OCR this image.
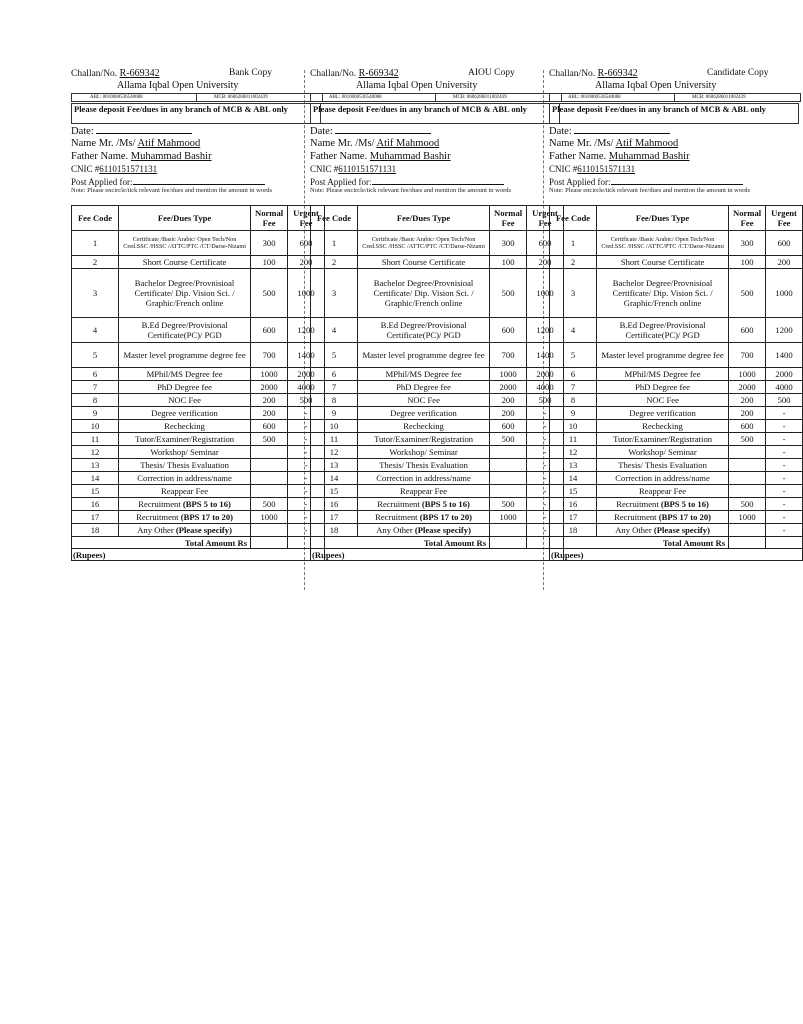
Challan/No. R-669342	Bank Copy
Allama Iqbal Open University
ABL: 0010000536540088	MCB: 0606286011002439
Please deposit Fee/dues in any branch of MCB & ABL only
Date:
Name Mr. /Ms/ Atif Mahmood
Father Name. Muhammad Bashir
CNIC #6110151571131
Post Applied for:
Note: Please encircle/tick relevant fee/dues and mention the amount in words
Fee Code	Fee/Dues Type	Normal Fee	Urgent Fee
1	Certificate /Basic Arabic/ Open Tech/Non Cred.SSC /HSSC /ATTC/PTC /CT/Darse-Nizami	300	600
2	Short Course Certificate	100	200
3	Bachelor Degree/Provnisioal Certificate/ Dip. Vision Sci. / Graphic/French online	500	1000
4	B.Ed Degree/Provisional Certificate(PC)/ PGD	600	1200
5	Master level programme degree fee	700	1400
6	MPhil/MS Degree fee	1000	2000
7	PhD Degree fee	2000	4000
8	NOC Fee	200	500
9	Degree verification	200	-
10	Rechecking	600	-
11	Tutor/Examiner/Registration	500	-
12	Workshop/ Seminar		-
13	Thesis/ Thesis Evaluation		-
14	Correction in address/name		-
15	Reappear Fee		-
16	Recruitment (BPS 5 to 16)	500	-
17	Recruitment (BPS 17 to 20)	1000	-
18	Any Other (Please specify)		-
Total Amount Rs			
(Rupees)			
Challan/No. R-669342	AIOU Copy
Allama Iqbal Open University
ABL: 0010000536540088	MCB: 0606286011002439
Please deposit Fee/dues in any branch of MCB & ABL only
Date:
Name Mr. /Ms/ Atif Mahmood
Father Name. Muhammad Bashir
CNIC #6110151571131
Post Applied for:
Note: Please encircle/tick relevant fee/dues and mention the amount in words
Fee Code	Fee/Dues Type	Normal Fee	Urgent Fee
1	Certificate /Basic Arabic/ Open Tech/Non Cred.SSC /HSSC /ATTC/PTC /CT/Darse-Nizami	300	600
2	Short Course Certificate	100	200
3	Bachelor Degree/Provnisioal Certificate/ Dip. Vision Sci. / Graphic/French online	500	1000
4	B.Ed Degree/Provisional Certificate(PC)/ PGD	600	1200
5	Master level programme degree fee	700	1400
6	MPhil/MS Degree fee	1000	2000
7	PhD Degree fee	2000	4000
8	NOC Fee	200	500
9	Degree verification	200	-
10	Rechecking	600	-
11	Tutor/Examiner/Registration	500	-
12	Workshop/ Seminar		-
13	Thesis/ Thesis Evaluation		-
14	Correction in address/name		-
15	Reappear Fee		-
16	Recruitment (BPS 5 to 16)	500	-
17	Recruitment (BPS 17 to 20)	1000	-
18	Any Other (Please specify)		-
Total Amount Rs			
(Rupees)			
Challan/No. R-669342	Candidate Copy
Allama Iqbal Open University
ABL: 0010000536540088	MCB: 0606286011002439
Please deposit Fee/dues in any branch of MCB & ABL only
Date:
Name Mr. /Ms/ Atif Mahmood
Father Name. Muhammad Bashir
CNIC #6110151571131
Post Applied for:
Note: Please encircle/tick relevant fee/dues and mention the amount in words
Fee Code	Fee/Dues Type	Normal Fee	Urgent Fee
1	Certificate /Basic Arabic/ Open Tech/Non Cred.SSC /HSSC /ATTC/PTC /CT/Darse-Nizami	300	600
2	Short Course Certificate	100	200
3	Bachelor Degree/Provnisioal Certificate/ Dip. Vision Sci. / Graphic/French online	500	1000
4	B.Ed Degree/Provisional Certificate(PC)/ PGD	600	1200
5	Master level programme degree fee	700	1400
6	MPhil/MS Degree fee	1000	2000
7	PhD Degree fee	2000	4000
8	NOC Fee	200	500
9	Degree verification	200	-
10	Rechecking	600	-
11	Tutor/Examiner/Registration	500	-
12	Workshop/ Seminar		-
13	Thesis/ Thesis Evaluation		-
14	Correction in address/name		-
15	Reappear Fee		-
16	Recruitment (BPS 5 to 16)	500	-
17	Recruitment (BPS 17 to 20)	1000	-
18	Any Other (Please specify)		-
Total Amount Rs			
(Rupees)			
